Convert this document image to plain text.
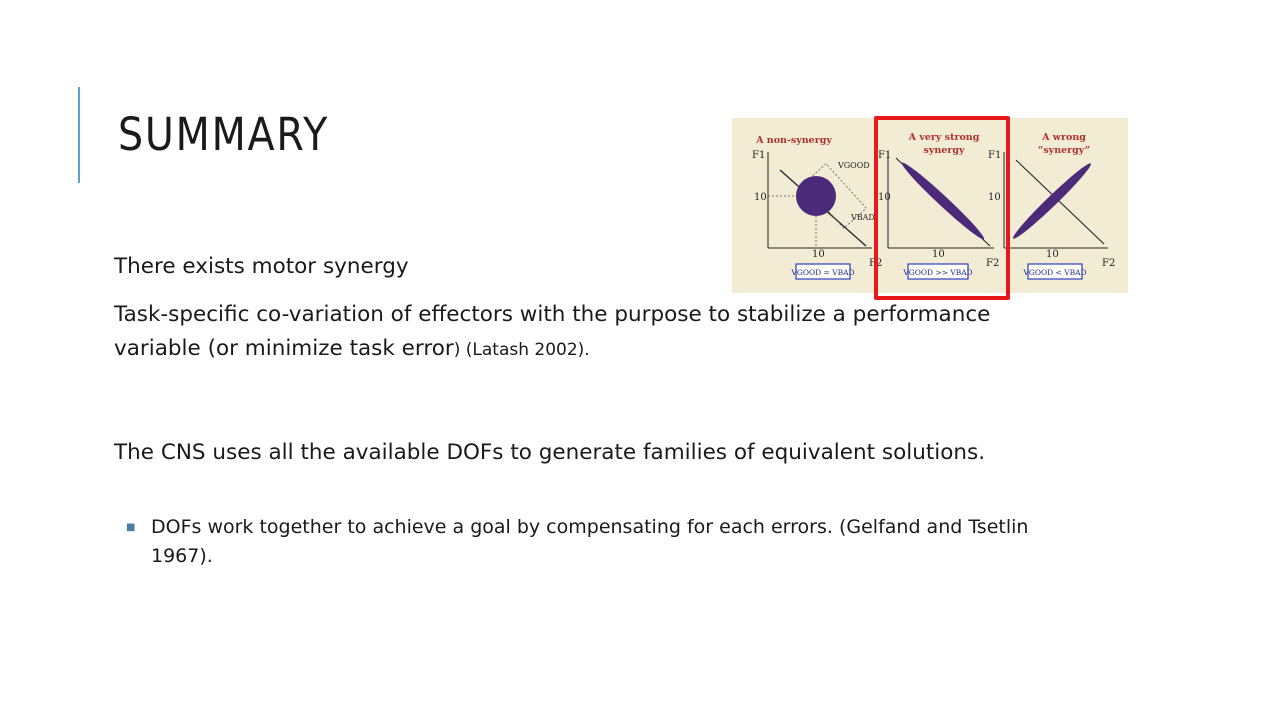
SUMMARY	A non-synergy
F1
10
10
F2
VGOOD
VBAD
VGOOD = VBAD
A very strong
synergy
F1
10
10
F2
VGOOD >> VBAD
A wrong
“synergy”
F1
10
10
F2
VGOOD < VBAD

There exists motor synergy

Task-specific co-variation of effectors with the purpose to stabilize a performance variable (or minimize task error) (Latash 2002).

The CNS uses all the available DOFs to generate families of equivalent solutions.

■ DOFs work together to achieve a goal by compensating for each errors. (Gelfand and Tsetlin 1967).
